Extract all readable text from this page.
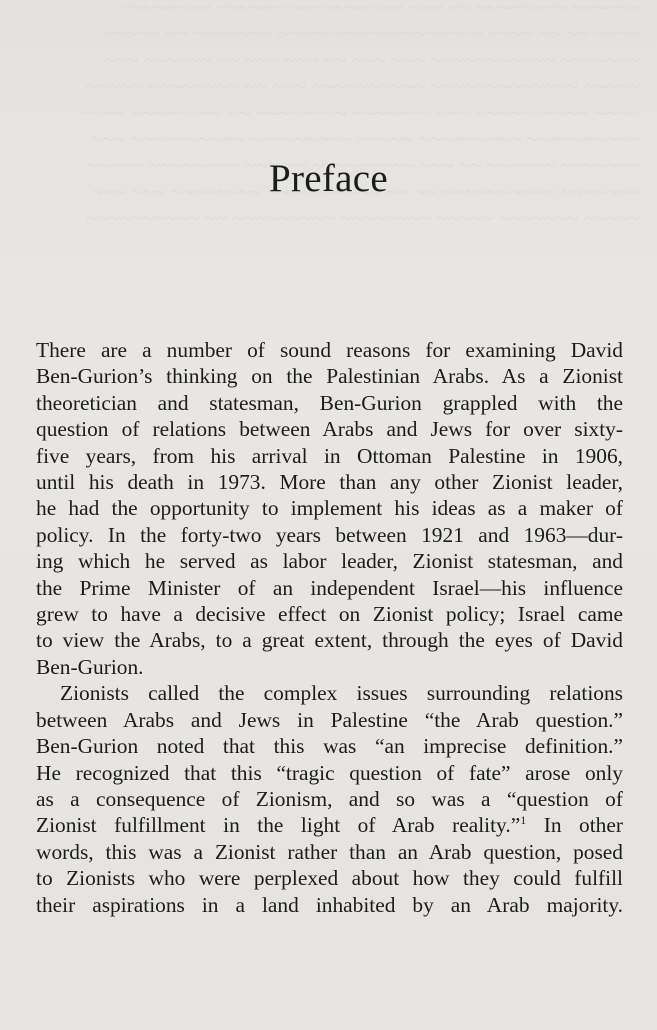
Preface

There are a number of sound reasons for examining David
Ben-Gurion’s thinking on the Palestinian Arabs. As a Zionist
theoretician and statesman, Ben-Gurion grappled with the
question of relations between Arabs and Jews for over sixty-
five years, from his arrival in Ottoman Palestine in 1906,
until his death in 1973. More than any other Zionist leader,
he had the opportunity to implement his ideas as a maker of
policy. In the forty-two years between 1921 and 1963—dur-
ing which he served as labor leader, Zionist statesman, and
the Prime Minister of an independent Israel—his influence
grew to have a decisive effect on Zionist policy; Israel came
to view the Arabs, to a great extent, through the eyes of David
Ben-Gurion.

Zionists called the complex issues surrounding relations
between Arabs and Jews in Palestine “the Arab question.”
Ben-Gurion noted that this was “an imprecise definition.”
He recognized that this “tragic question of fate” arose only
as a consequence of Zionism, and so was a “question of
Zionist fulfillment in the light of Arab reality.”$^1$ In other
words, this was a Zionist rather than an Arab question, posed
to Zionists who were perplexed about how they could fulfill
their aspirations in a land inhabited by an Arab majority.
